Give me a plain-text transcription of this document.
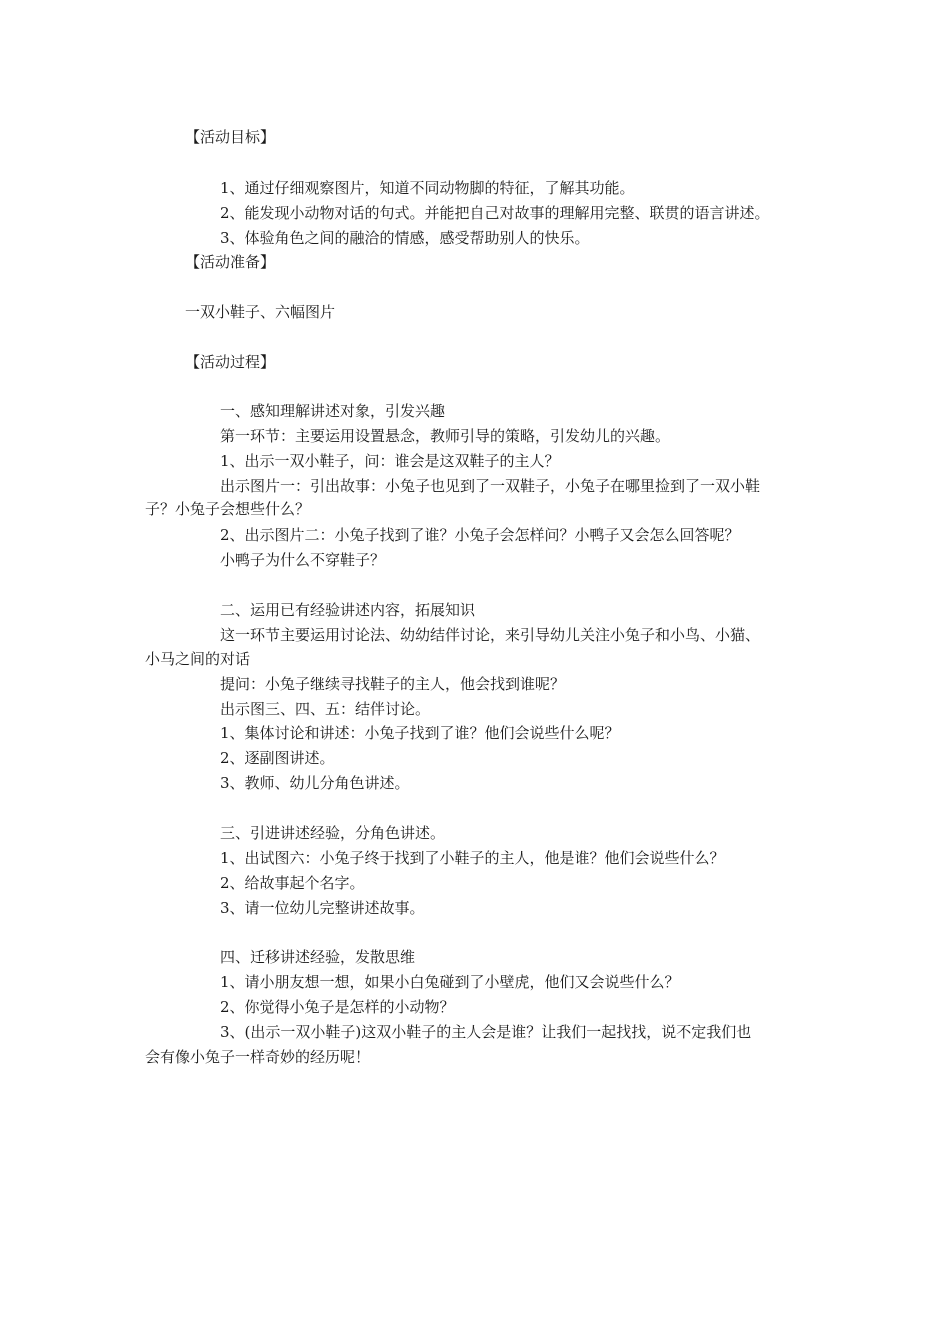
【活动目标】
1、通过仔细观察图片，知道不同动物脚的特征，了解其功能。
2、能发现小动物对话的句式。并能把自己对故事的理解用完整、联贯的语言讲述。
3、体验角色之间的融洽的情感，感受帮助别人的快乐。
【活动准备】
一双小鞋子、六幅图片
【活动过程】
一、感知理解讲述对象，引发兴趣
第一环节：主要运用设置悬念，教师引导的策略，引发幼儿的兴趣。
1、出示一双小鞋子，问：谁会是这双鞋子的主人？
出示图片一：引出故事：小兔子也见到了一双鞋子，小兔子在哪里捡到了一双小鞋
子？小兔子会想些什么？
2、出示图片二：小兔子找到了谁？小兔子会怎样问？小鸭子又会怎么回答呢？
小鸭子为什么不穿鞋子？
二、运用已有经验讲述内容，拓展知识
这一环节主要运用讨论法、幼幼结伴讨论，来引导幼儿关注小兔子和小鸟、小猫、
小马之间的对话
提问：小兔子继续寻找鞋子的主人，他会找到谁呢？
出示图三、四、五：结伴讨论。
1、集体讨论和讲述：小兔子找到了谁？他们会说些什么呢？
2、逐副图讲述。
3、教师、幼儿分角色讲述。
三、引进讲述经验，分角色讲述。
1、出试图六：小兔子终于找到了小鞋子的主人，他是谁？他们会说些什么？
2、给故事起个名字。
3、请一位幼儿完整讲述故事。
四、迁移讲述经验，发散思维
1、请小朋友想一想，如果小白兔碰到了小壁虎，他们又会说些什么？
2、你觉得小兔子是怎样的小动物？
3、(出示一双小鞋子)这双小鞋子的主人会是谁？让我们一起找找，说不定我们也
会有像小兔子一样奇妙的经历呢！
